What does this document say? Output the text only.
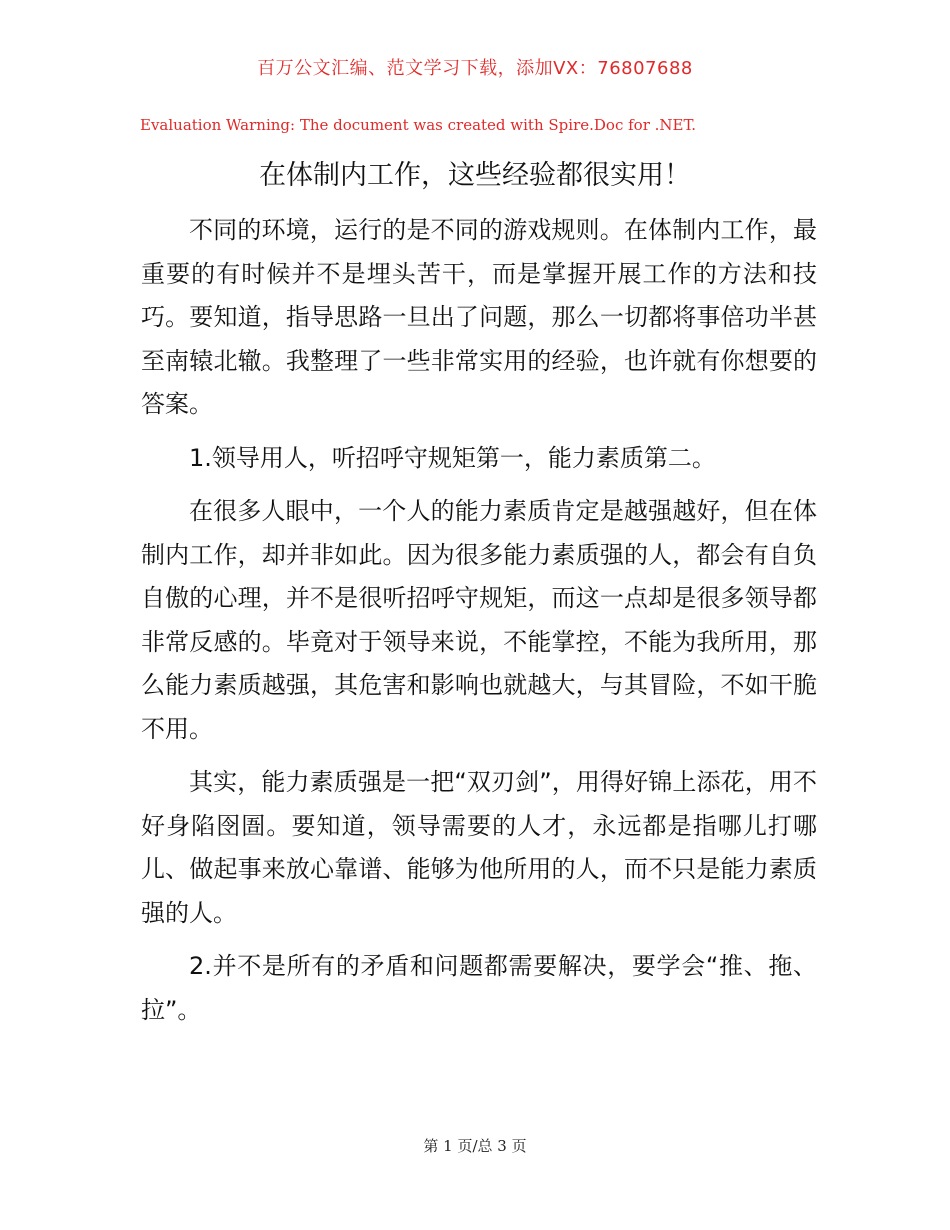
百万公文汇编、范文学习下载，添加VX：76807688
Evaluation Warning: The document was created with Spire.Doc for .NET.
在体制内工作，这些经验都很实用！

不同的环境，运行的是不同的游戏规则。在体制内工作，最重要的有时候并不是埋头苦干，而是掌握开展工作的方法和技巧。要知道，指导思路一旦出了问题，那么一切都将事倍功半甚至南辕北辙。我整理了一些非常实用的经验，也许就有你想要的答案。

1.领导用人，听招呼守规矩第一，能力素质第二。

在很多人眼中，一个人的能力素质肯定是越强越好，但在体制内工作，却并非如此。因为很多能力素质强的人，都会有自负自傲的心理，并不是很听招呼守规矩，而这一点却是很多领导都非常反感的。毕竟对于领导来说，不能掌控，不能为我所用，那么能力素质越强，其危害和影响也就越大，与其冒险，不如干脆不用。

其实，能力素质强是一把“双刃剑”，用得好锦上添花，用不好身陷囹圄。要知道，领导需要的人才，永远都是指哪儿打哪儿、做起事来放心靠谱、能够为他所用的人，而不只是能力素质强的人。

2.并不是所有的矛盾和问题都需要解决，要学会“推、拖、拉”。

第 1 页/总 3 页
